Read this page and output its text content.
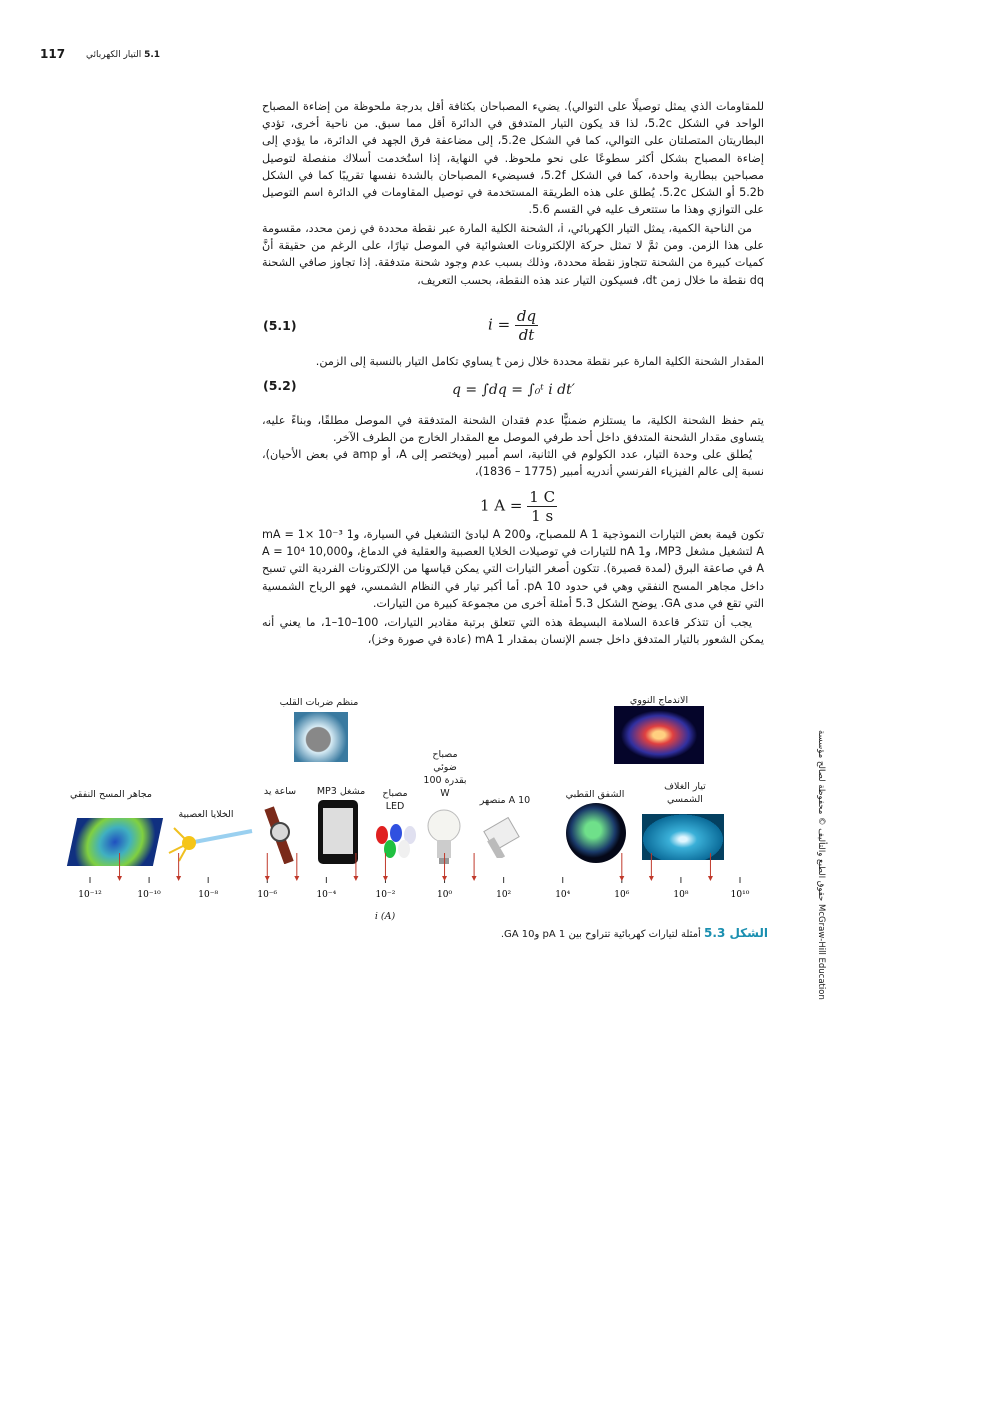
117	5.1 التيار الكهربائي

للمقاومات الذي يمثل توصيلًا على التوالي). يضيء المصباحان بكثافة أقل بدرجة ملحوظة من إضاءة المصباح الواحد في الشكل 5.2c، لذا قد يكون التيار المتدفق في الدائرة أقل مما سبق. من ناحية أخرى، تؤدي البطاريتان المتصلتان على التوالي، كما في الشكل 5.2e، إلى مضاعفة فرق الجهد في الدائرة، ما يؤدي إلى إضاءة المصباح بشكل أكثر سطوعًا على نحو ملحوظ. في النهاية، إذا استُخدمت أسلاك منفصلة لتوصيل مصباحين ببطارية واحدة، كما في الشكل 5.2f، فسيضيء المصباحان بالشدة نفسها تقريبًا كما في الشكل 5.2b أو الشكل 5.2c. يُطلق على هذه الطريقة المستخدمة في توصيل المقاومات في الدائرة اسم التوصيل على التوازي وهذا ما ستتعرف عليه في القسم 5.6.

من الناحية الكمية، يمثل التيار الكهربائي، i، الشحنة الكلية المارة عبر نقطة محددة في زمن محدد، مقسومة على هذا الزمن. ومن ثمَّ لا تمثل حركة الإلكترونات العشوائية في الموصل تيارًا، على الرغم من حقيقة أنَّ كميات كبيرة من الشحنة تتجاوز نقطة محددة، وذلك بسبب عدم وجود شحنة متدفقة. إذا تجاوز صافي الشحنة dq نقطة ما خلال زمن dt، فسيكون التيار عند هذه النقطة، بحسب التعريف،

(5.1)	$i = \frac{dq}{dt}$

المقدار الشحنة الكلية المارة عبر نقطة محددة خلال زمن t يساوي تكامل التيار بالنسبة إلى الزمن.

(5.2)	q = ∫dq = ∫₀ᵗ i dt′

يتم حفظ الشحنة الكلية، ما يستلزم ضمنيًّا عدم فقدان الشحنة المتدفقة في الموصل مطلقًا، وبناءً عليه، يتساوى مقدار الشحنة المتدفق داخل أحد طرفي الموصل مع المقدار الخارج من الطرف الآخر.

يُطلق على وحدة التيار، عدد الكولوم في الثانية، اسم أمبير (ويختصر إلى A، أو amp في بعض الأحيان)، نسبة إلى عالم الفيزياء الفرنسي أندريه أمبير (1775 – 1836)،

1 $A = \frac{1 C}{1 s}$

تكون قيمة بعض التيارات النموذجية 1 A للمصباح، و200 A لبادئ التشغيل في السيارة، و1 mA = 1× 10⁻³ A لتشغيل مشغل MP3، و1 nA للتيارات في توصيلات الخلايا العصبية والعقلية في الدماغ، و10,000 A = 10⁴ A في صاعقة البرق (لمدة قصيرة). تتكون أصغر التيارات التي يمكن قياسها من الإلكترونات الفردية التي تسبح داخل مجاهر المسح النفقي وهي في حدود 10 pA. أما أكبر تيار في النظام الشمسي، فهو الرياح الشمسية التي تقع في مدى GA. يوضح الشكل 5.3 أمثلة أخرى من مجموعة كبيرة من التيارات.

يجب أن تتذكر قاعدة السلامة البسيطة هذه التي تتعلق برتبة مقادير التيارات، 100–10–1، ما يعني أنه يمكن الشعور بالتيار المتدفق داخل جسم الإنسان بمقدار 1 mA (عادة في صورة وخز)،

مجاهر المسح النفقي
الخلايا العصبية
ساعة يد
منظم ضربات القلب
مشغل MP3	مصباح LED
مصباح ضوئي بقدرة 100 W
10 A منصهر
الشفق القطبي
الاندماج النووي
تيار الغلاف الشمسي
10⁻¹²	10⁻¹⁰	10⁻⁸	10⁻⁶	10⁻⁴	10⁻²	10⁰	10²	10⁴	10⁶	10⁸	10¹⁰
i (A)
الشكل 5.3 أمثلة لتيارات كهربائية تتراوح بين 1 pA و10 GA.
حقوق الطبع والتأليف © محفوظة لصالح مؤسسة McGraw-Hill Education
